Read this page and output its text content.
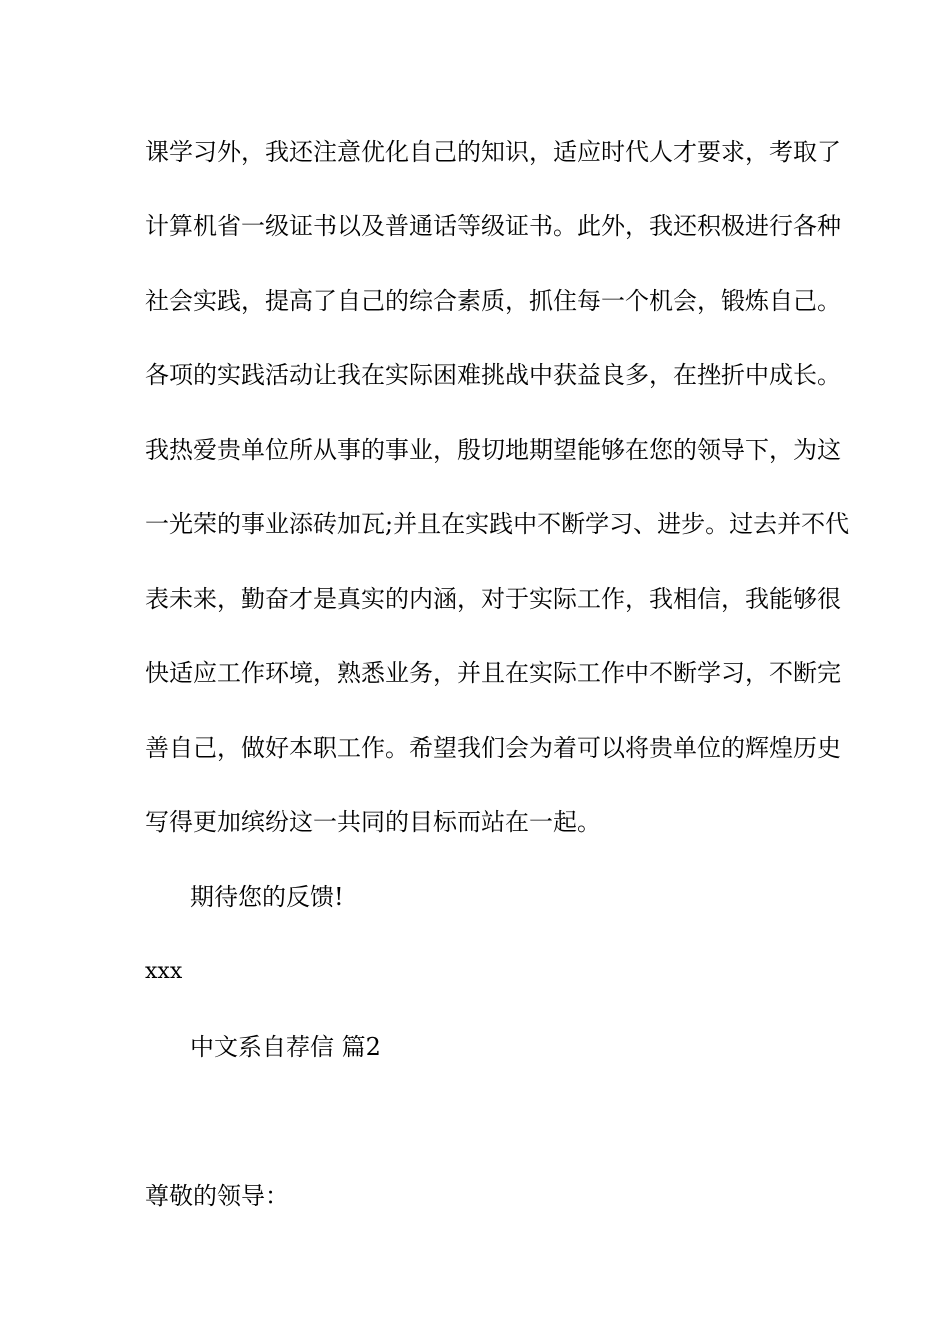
课学习外，我还注意优化自己的知识，适应时代人才要求，考取了
计算机省一级证书以及普通话等级证书。此外，我还积极进行各种
社会实践，提高了自己的综合素质，抓住每一个机会，锻炼自己。
各项的实践活动让我在实际困难挑战中获益良多，在挫折中成长。
我热爱贵单位所从事的事业，殷切地期望能够在您的领导下，为这
一光荣的事业添砖加瓦;并且在实践中不断学习、进步。过去并不代
表未来，勤奋才是真实的内涵，对于实际工作，我相信，我能够很
快适应工作环境，熟悉业务，并且在实际工作中不断学习，不断完
善自己，做好本职工作。希望我们会为着可以将贵单位的辉煌历史
写得更加缤纷这一共同的目标而站在一起。
期待您的反馈!
xxx
中文系自荐信 篇2
尊敬的领导：
